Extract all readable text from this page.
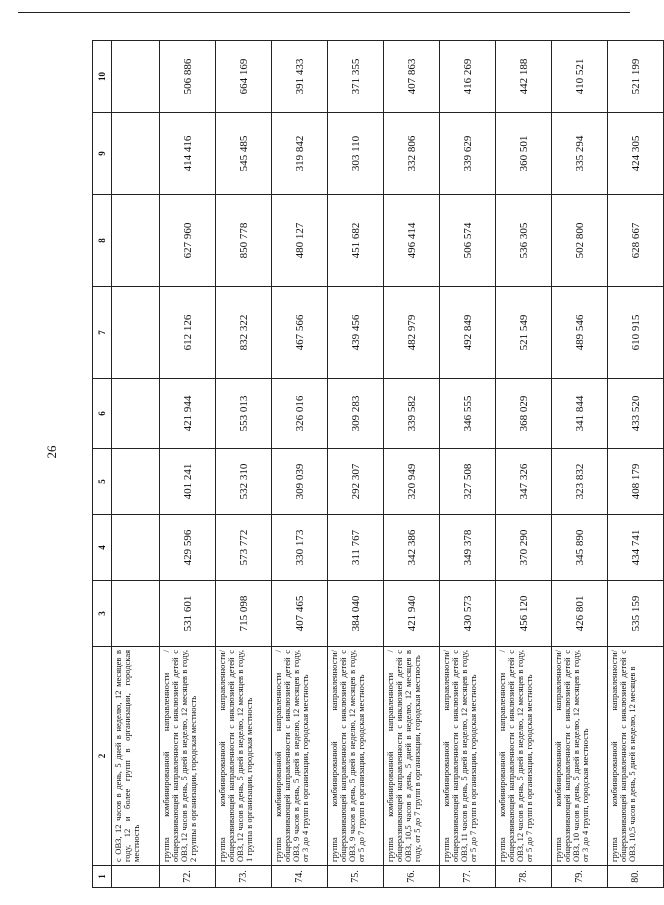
26
1	2	3	4	5	6	7	8	9	10
	с ОВЗ, 12 часов в день, 5 дней в неделю, 12 месяцев в году, 12 и более групп в организации, городская местность								
72.	группа комбинированной направленности / общеразвивающей направленности с инклюзией детей с ОВЗ, 12 часов в день, 5 дней в неделю, 12 месяцев в году, 2 группы в организации, городская местность	531 601	429 596	401 241	421 944	612 126	627 960	414 416	506 886
73.	группа комбинированной направленности/ общеразвивающей направленности с инклюзией детей с ОВЗ, 12 часов в день, 5 дней в неделю, 12 месяцев в году, 1 группа в организации, городская местность	715 098	573 772	532 310	553 013	832 322	850 778	545 485	664 169
74.	группа комбинированной направленности / общеразвивающей направленности с инклюзией детей с ОВЗ, 9 часов в день, 5 дней в неделю, 12 месяцев в году, от 3 до 4 групп в организации, городская местность	407 465	330 173	309 039	326 016	467 566	480 127	319 842	391 433
75.	группа комбинированной направленности/ общеразвивающей направленности с инклюзией детей с ОВЗ, 9 часов в день, 5 дней в неделю, 12 месяцев в году, от 5 до 7 групп в организации, городская местность	384 040	311 767	292 307	309 283	439 456	451 682	303 110	371 355
76.	группа комбинированной направленности / общеразвивающей направленности с инклюзией детей с ОВЗ, 10,5 часов в день, 5 дней в неделю, 12 месяцев в году, от 5 до 7 групп в организации, городская местность	421 940	342 386	320 949	339 582	482 979	496 414	332 806	407 863
77.	группа комбинированной направленности/ общеразвивающей направленности с инклюзией детей с ОВЗ, 11 часов в день, 5 дней в неделю, 12 месяцев в году, от 5 до 7 групп в организации, городская местность	430 573	349 378	327 508	346 555	492 849	506 574	339 629	416 269
78.	группа комбинированной направленности / общеразвивающей направленности с инклюзией детей с ОВЗ, 12 часов в день, 5 дней в неделю, 12 месяцев в году, от 5 до 7 групп в организации, городская местность	456 120	370 290	347 326	368 029	521 549	536 305	360 501	442 188
79.	группа комбинированной направленности/ общеразвивающей направленности с инклюзией детей с ОВЗ, 10 часов в день, 5 дней в неделю, 12 месяцев в году, от 3 до 4 групп, городская местность	426 801	345 890	323 832	341 844	489 546	502 800	335 294	410 521
80.	группа комбинированной направленности/ общеразвивающей направленности с инклюзией детей с ОВЗ, 10,5 часов в день, 5 дней в неделю, 12 месяцев в	535 159	434 741	408 179	433 520	610 915	628 667	424 305	521 199
